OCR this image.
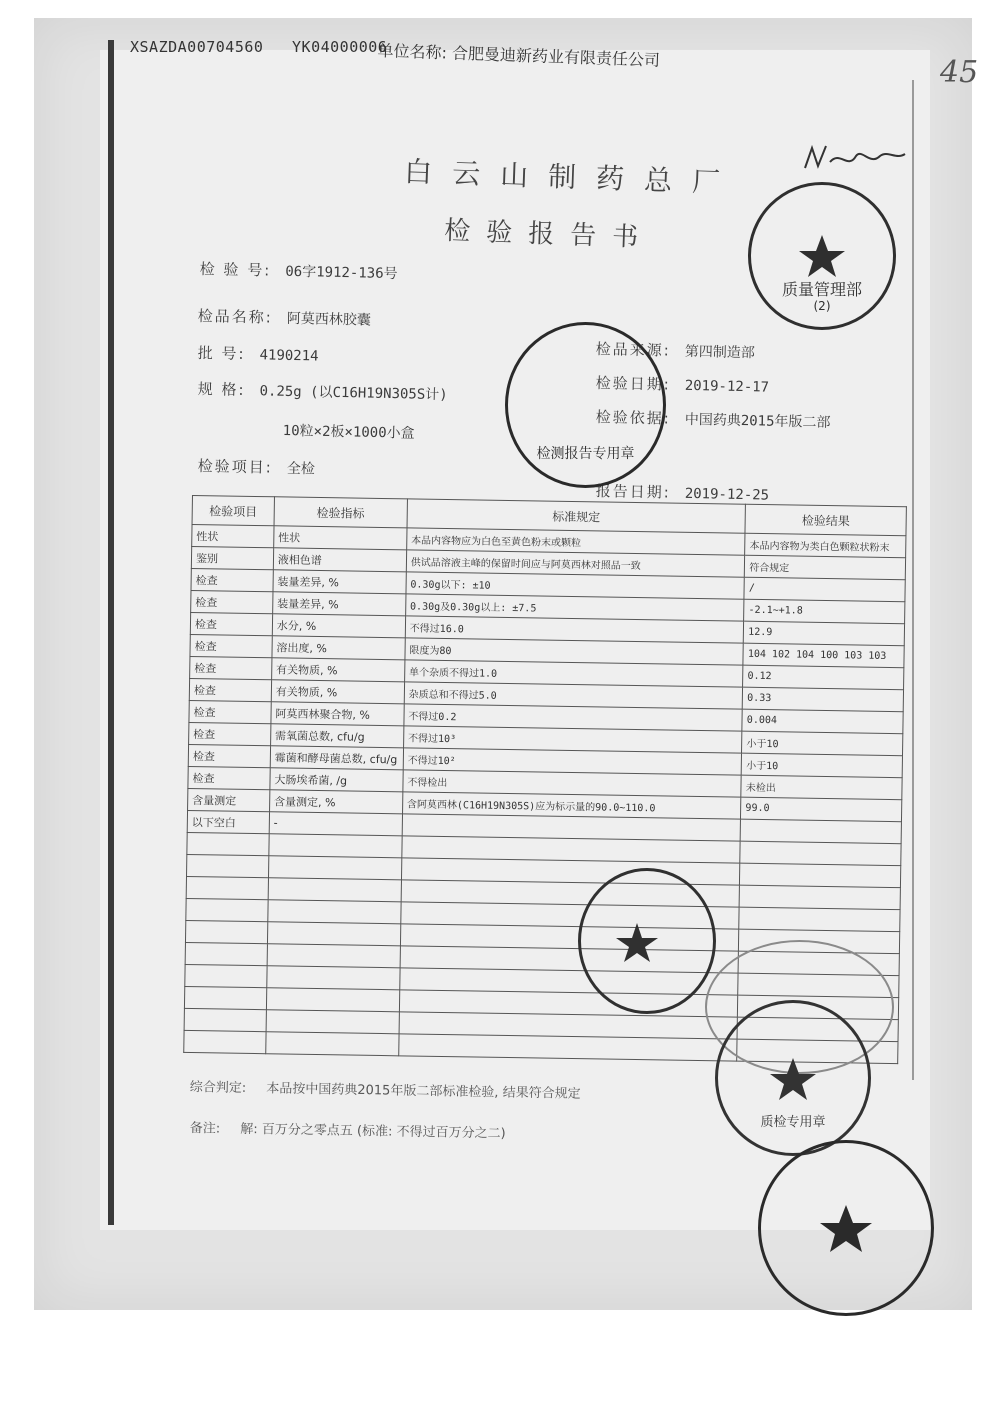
XSAZDA00704560 YK04000006
单位名称: 合肥曼迪新药业有限责任公司	45
白云山制药总厂
检验报告书
检 验 号: 06字1912-136号
检品名称: 阿莫西林胶囊
批 号: 4190214
规 格: 0.25g (以C16H19N305S计)
10粒×2板×1000小盒
检验项目: 全检
检品来源: 第四制造部
检验日期: 2019-12-17
检验依据: 中国药典2015年版二部
报告日期: 2019-12-25
检验项目	检验指标	标准规定	检验结果
性状	性状	本品内容物应为白色至黄色粉末或颗粒	本品内容物为类白色颗粒状粉末
鉴别	液相色谱	供试品溶液主峰的保留时间应与阿莫西林对照品一致	符合规定
检查	装量差异, %	0.30g以下: ±10	/
检查	装量差异, %	0.30g及0.30g以上: ±7.5	-2.1~+1.8
检查	水分, %	不得过16.0	12.9
检查	溶出度, %	限度为80	104 102 104 100 103 103
检查	有关物质, %	单个杂质不得过1.0	0.12
检查	有关物质, %	杂质总和不得过5.0	0.33
检查	阿莫西林聚合物, %	不得过0.2	0.004
检查	需氧菌总数, cfu/g	不得过10³	小于10
检查	霉菌和酵母菌总数, cfu/g	不得过10²	小于10
检查	大肠埃希菌, /g	不得检出	未检出
含量测定	含量测定, %	含阿莫西林(C16H19N305S)应为标示量的90.0~110.0	99.0
以下空白	-		

综合判定: 本品按中国药典2015年版二部标准检验, 结果符合规定
备注: 解: 百万分之零点五 (标准: 不得过百万分之二)
质量管理部
(2)
检测报告专用章
质检专用章
